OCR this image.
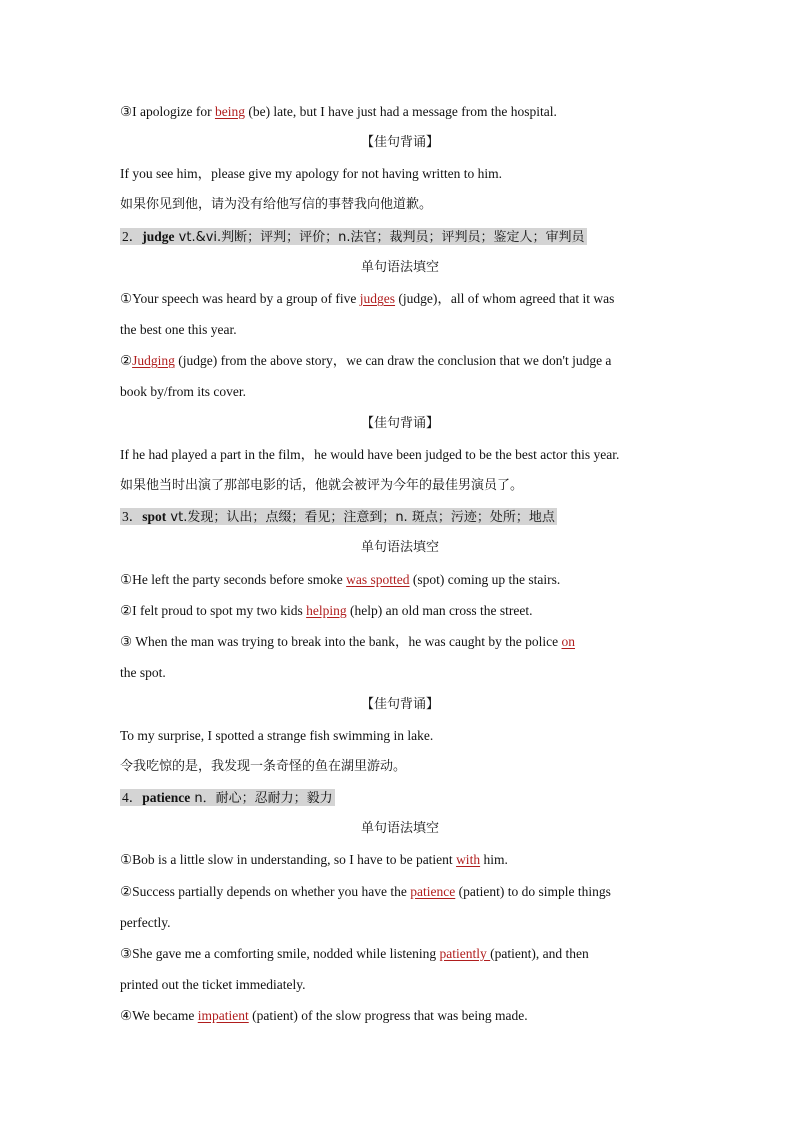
③I apologize for being (be) late, but I have just had a message from the hospital.
【佳句背诵】
If you see him，please give my apology for not having written to him.
如果你见到他，请为没有给他写信的事替我向他道歉。
2．judge vt.&vi.判断；评判；评价；n.法官；裁判员；评判员；鉴定人；审判员
单句语法填空
①Your speech was heard by a group of five judges (judge)，all of whom agreed that it was
the best one this year.
②Judging (judge) from the above story，we can draw the conclusion that we don't judge a
book by/from its cover.
【佳句背诵】
If he had played a part in the film，he would have been judged to be the best actor this year.
如果他当时出演了那部电影的话，他就会被评为今年的最佳男演员了。
3．spot vt.发现；认出；点缀；看见；注意到；n. 斑点；污迹；处所；地点
单句语法填空
①He left the party seconds before smoke was spotted (spot) coming up the stairs.
②I felt proud to spot my two kids helping (help) an old man cross the street.
③ When the man was trying to break into the bank，he was caught by the police on
the spot.
【佳句背诵】
To my surprise, I spotted a strange fish swimming in lake.
令我吃惊的是，我发现一条奇怪的鱼在湖里游动。
4．patience n．耐心；忍耐力；毅力
单句语法填空
①Bob is a little slow in understanding, so I have to be patient with him.
②Success partially depends on whether you have the patience (patient) to do simple things
perfectly.
③She gave me a comforting smile, nodded while listening patiently (patient), and then
printed out the ticket immediately.
④We became impatient (patient) of the slow progress that was being made.
